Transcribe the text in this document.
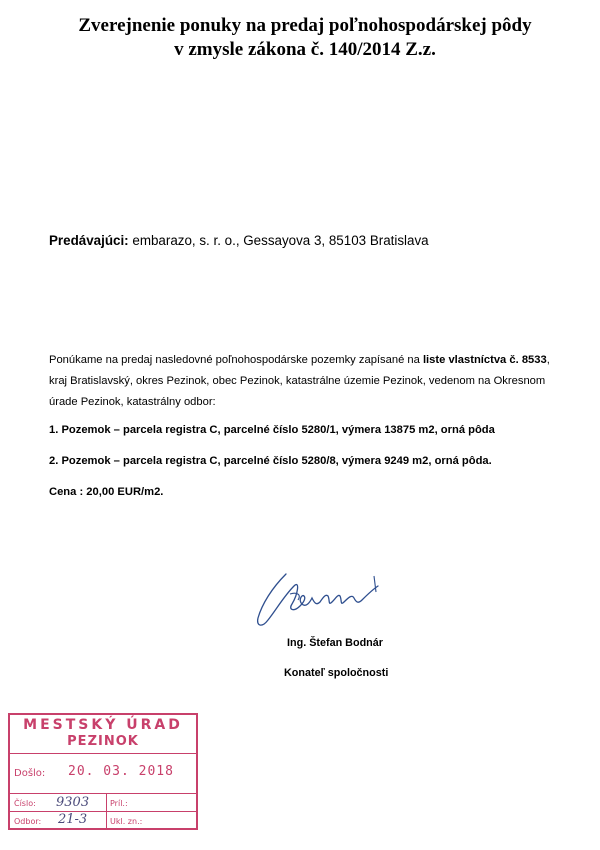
Zverejnenie ponuky na predaj poľnohospodárskej pôdy
v zmysle zákona č. 140/2014 Z.z.
Predávajúci: embarazo, s. r. o., Gessayova 3, 85103 Bratislava
Ponúkame na predaj nasledovné poľnohospodárske pozemky zapísané na liste vlastníctva č. 8533, kraj Bratislavský, okres Pezinok, obec Pezinok, katastrálne územie Pezinok, vedenom na Okresnom úrade Pezinok, katastrálny odbor:
1. Pozemok – parcela registra C, parcelné číslo 5280/1, výmera 13875 m2, orná pôda
2. Pozemok – parcela registra C, parcelné číslo 5280/8, výmera 9249 m2, orná pôda.
Cena : 20,00 EUR/m2.
Ing. Štefan Bodnár
Konateľ spoločnosti
MESTSKÝ ÚRAD
PEZINOK
Došlo: 20. 03. 2018
Číslo: 9303	Príl.:
Odbor: 21-3	Ukl. zn.:
